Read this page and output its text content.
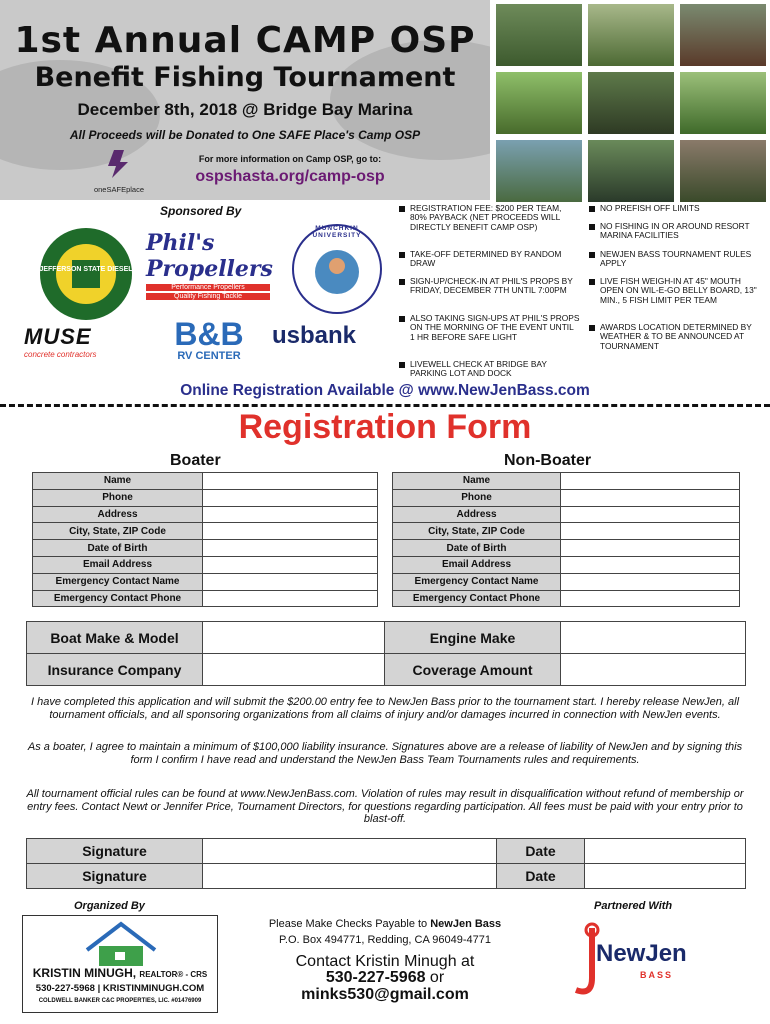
1st Annual CAMP OSP
Benefit Fishing Tournament
December 8th, 2018 @ Bridge Bay Marina
All Proceeds will be Donated to One SAFE Place's Camp OSP
For more information on Camp OSP, go to:
ospshasta.org/camp-osp
oneSAFEplace
Sponsored By
JEFFERSON STATE DIESEL
Phil's Propellers
Performance Propellers
Quality Fishing Tackle
MUNCHKIN UNIVERSITY
MUSE
concrete contractors
B&B
RV CENTER
usbank
REGISTRATION FEE: $200 PER TEAM, 80% PAYBACK (NET PROCEEDS WILL DIRECTLY BENEFIT CAMP OSP)
TAKE-OFF DETERMINED BY RANDOM DRAW
SIGN-UP/CHECK-IN AT PHIL'S PROPS BY FRIDAY, DECEMBER 7TH UNTIL 7:00PM
ALSO TAKING SIGN-UPS AT PHIL'S PROPS ON THE MORNING OF THE EVENT UNTIL 1 HR BEFORE SAFE LIGHT
LIVEWELL CHECK AT BRIDGE BAY PARKING LOT AND DOCK
NO PREFISH OFF LIMITS
NO FISHING IN OR AROUND RESORT MARINA FACILITIES
NEWJEN BASS TOURNAMENT RULES APPLY
LIVE FISH WEIGH-IN AT 45" MOUTH OPEN ON WIL-E-GO BELLY BOARD, 13" MIN., 5 FISH LIMIT PER TEAM
AWARDS LOCATION DETERMINED BY WEATHER & TO BE ANNOUNCED AT TOURNAMENT
Online Registration Available @ www.NewJenBass.com
Registration Form
Boater	Non-Boater
Name	
Phone	
Address	
City, State, ZIP Code	
Date of Birth	
Email Address	
Emergency Contact Name	
Emergency Contact Phone	
Name	
Phone	
Address	
City, State, ZIP Code	
Date of Birth	
Email Address	
Emergency Contact Name	
Emergency Contact Phone	
Boat Make & Model		Engine Make	
Insurance Company		Coverage Amount	
I have completed this application and will submit the $200.00 entry fee to NewJen Bass prior to the tournament start. I hereby release NewJen, all tournament officials, and all sponsoring organizations from all claims of injury and/or damages incurred in connection with NewJen events.
As a boater, I agree to maintain a minimum of $100,000 liability insurance. Signatures above are a release of liability of NewJen and by signing this form I confirm I have read and understand the NewJen Bass Team Tournaments rules and requirements.
All tournament official rules can be found at www.NewJenBass.com. Violation of rules may result in disqualification without refund of membership or entry fees. Contact Newt or Jennifer Price, Tournament Directors, for questions regarding participation. All fees must be paid with your entry prior to blast-off.
Signature		Date	
Signature		Date	
Organized By	Partnered With
KRISTIN MINUGH, REALTOR® - CRS
530-227-5968 | KRISTINMINUGH.COM
COLDWELL BANKER C&C PROPERTIES, LIC. #01476909
Please Make Checks Payable to NewJen Bass
P.O. Box 494771, Redding, CA 96049-4771
Contact Kristin Minugh at
530-227-5968 or
minks530@gmail.com
NewJen
BASS
